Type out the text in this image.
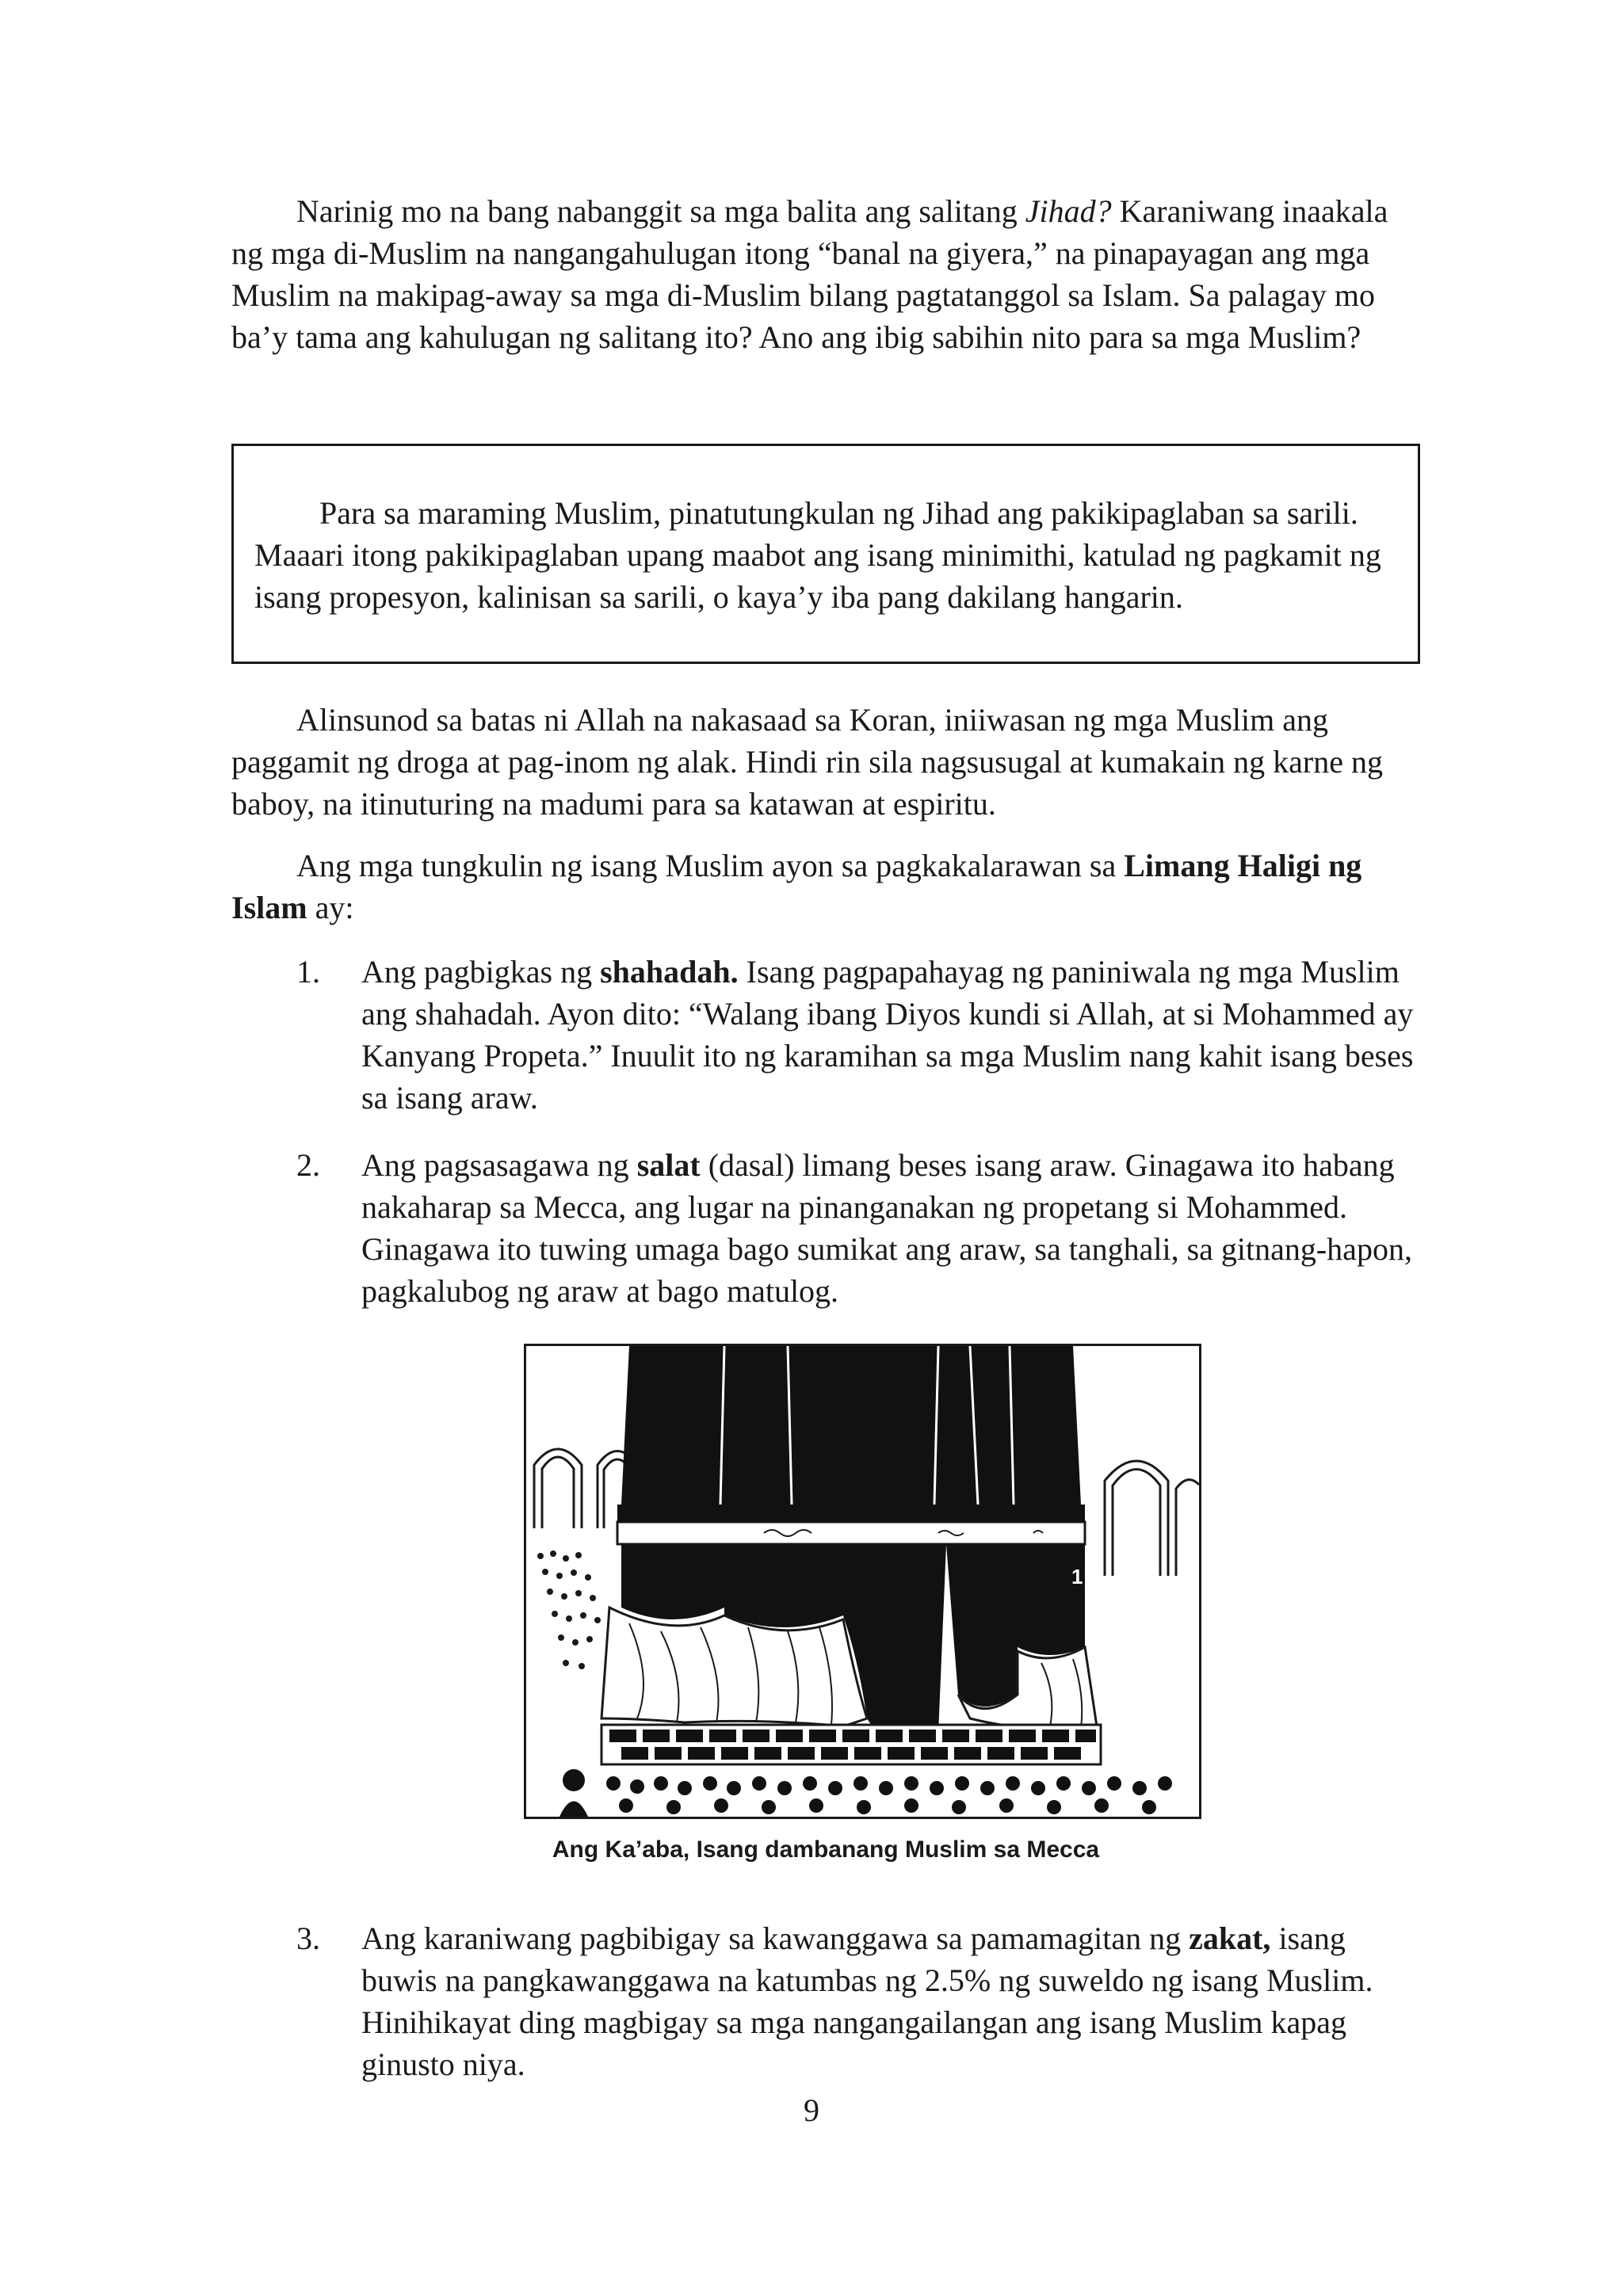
Narinig mo na bang nabanggit sa mga balita ang salitang Jihad? Karaniwang inaakala ng mga di-Muslim na nangangahulugan itong “banal na giyera,” na pinapayagan ang mga Muslim na makipag-away sa mga di-Muslim bilang pagtatanggol sa Islam. Sa palagay mo ba’y tama ang kahulugan ng salitang ito? Ano ang ibig sabihin nito para sa mga Muslim?

Para sa maraming Muslim, pinatutungkulan ng Jihad ang pakikipaglaban sa sarili. Maaari itong pakikipaglaban upang maabot ang isang minimithi, katulad ng pagkamit ng isang propesyon, kalinisan sa sarili, o kaya’y iba pang dakilang hangarin.

Alinsunod sa batas ni Allah na nakasaad sa Koran, iniiwasan ng mga Muslim ang paggamit ng droga at pag-inom ng alak. Hindi rin sila nagsusugal at kumakain ng karne ng baboy, na itinuturing na madumi para sa katawan at espiritu.

Ang mga tungkulin ng isang Muslim ayon sa pagkakalarawan sa Limang Haligi ng Islam ay:

1.	Ang pagbigkas ng shahadah. Isang pagpapahayag ng paniniwala ng mga Muslim ang shahadah. Ayon dito: “Walang ibang Diyos kundi si Allah, at si Mohammed ay Kanyang Propeta.” Inuulit ito ng karamihan sa mga Muslim nang kahit isang beses sa isang araw.

2.	Ang pagsasagawa ng salat (dasal) limang beses isang araw. Ginagawa ito habang nakaharap sa Mecca, ang lugar na pinanganakan ng propetang si Mohammed. Ginagawa ito tuwing umaga bago sumikat ang araw, sa tanghali, sa gitnang-hapon, pagkalubog ng araw at bago matulog.

1
Ang Ka’aba, Isang dambanang Muslim sa Mecca
3.	Ang karaniwang pagbibigay sa kawanggawa sa pamamagitan ng zakat, isang buwis na pangkawanggawa na katumbas ng 2.5% ng suweldo ng isang Muslim. Hinihikayat ding magbigay sa mga nangangailangan ang isang Muslim kapag ginusto niya.

9
